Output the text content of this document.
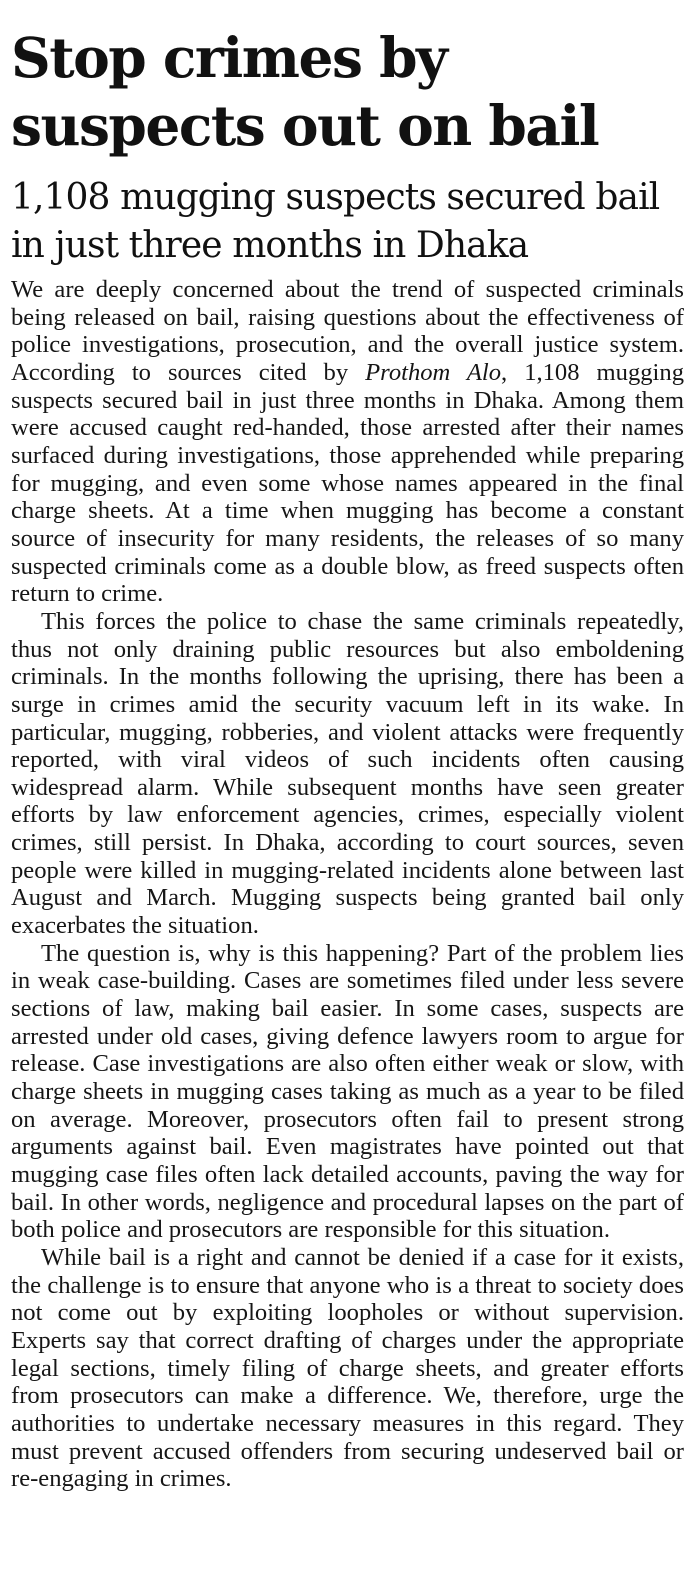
Stop crimes by suspects out on bail
1,108 mugging suspects secured bail in just three months in Dhaka

We are deeply concerned about the trend of suspected criminals being released on bail, raising questions about the effectiveness of police investigations, prosecution, and the overall justice system. According to sources cited by Prothom Alo, 1,108 mugging suspects secured bail in just three months in Dhaka. Among them were accused caught red-handed, those arrested after their names surfaced during investigations, those apprehended while preparing for mugging, and even some whose names appeared in the final charge sheets. At a time when mugging has become a constant source of insecurity for many residents, the releases of so many suspected criminals come as a double blow, as freed suspects often return to crime.

This forces the police to chase the same criminals repeatedly, thus not only draining public resources but also emboldening criminals. In the months following the uprising, there has been a surge in crimes amid the security vacuum left in its wake. In particular, mugging, robberies, and violent attacks were frequently reported, with viral videos of such incidents often causing widespread alarm. While subsequent months have seen greater efforts by law enforcement agencies, crimes, especially violent crimes, still persist. In Dhaka, according to court sources, seven people were killed in mugging-related incidents alone between last August and March. Mugging suspects being granted bail only exacerbates the situation.

The question is, why is this happening? Part of the problem lies in weak case-building. Cases are sometimes filed under less severe sections of law, making bail easier. In some cases, suspects are arrested under old cases, giving defence lawyers room to argue for release. Case investigations are also often either weak or slow, with charge sheets in mugging cases taking as much as a year to be filed on average. Moreover, prosecutors often fail to present strong arguments against bail. Even magistrates have pointed out that mugging case files often lack detailed accounts, paving the way for bail. In other words, negligence and procedural lapses on the part of both police and prosecutors are responsible for this situation.

While bail is a right and cannot be denied if a case for it exists, the challenge is to ensure that anyone who is a threat to society does not come out by exploiting loopholes or without supervision. Experts say that correct drafting of charges under the appropriate legal sections, timely filing of charge sheets, and greater efforts from prosecutors can make a difference. We, therefore, urge the authorities to undertake necessary measures in this regard. They must prevent accused offenders from securing undeserved bail or re-engaging in crimes.
